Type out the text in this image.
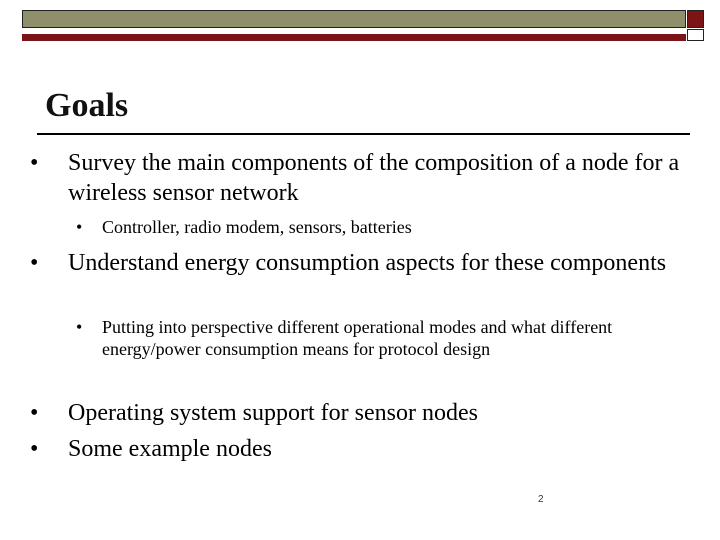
Goals
• Survey the main components of the composition of a node for a wireless sensor network
• Controller, radio modem, sensors, batteries
• Understand energy consumption aspects for these components
• Putting into perspective different operational modes and what different energy/power consumption means for protocol design
• Operating system support for sensor nodes
• Some example nodes
2
